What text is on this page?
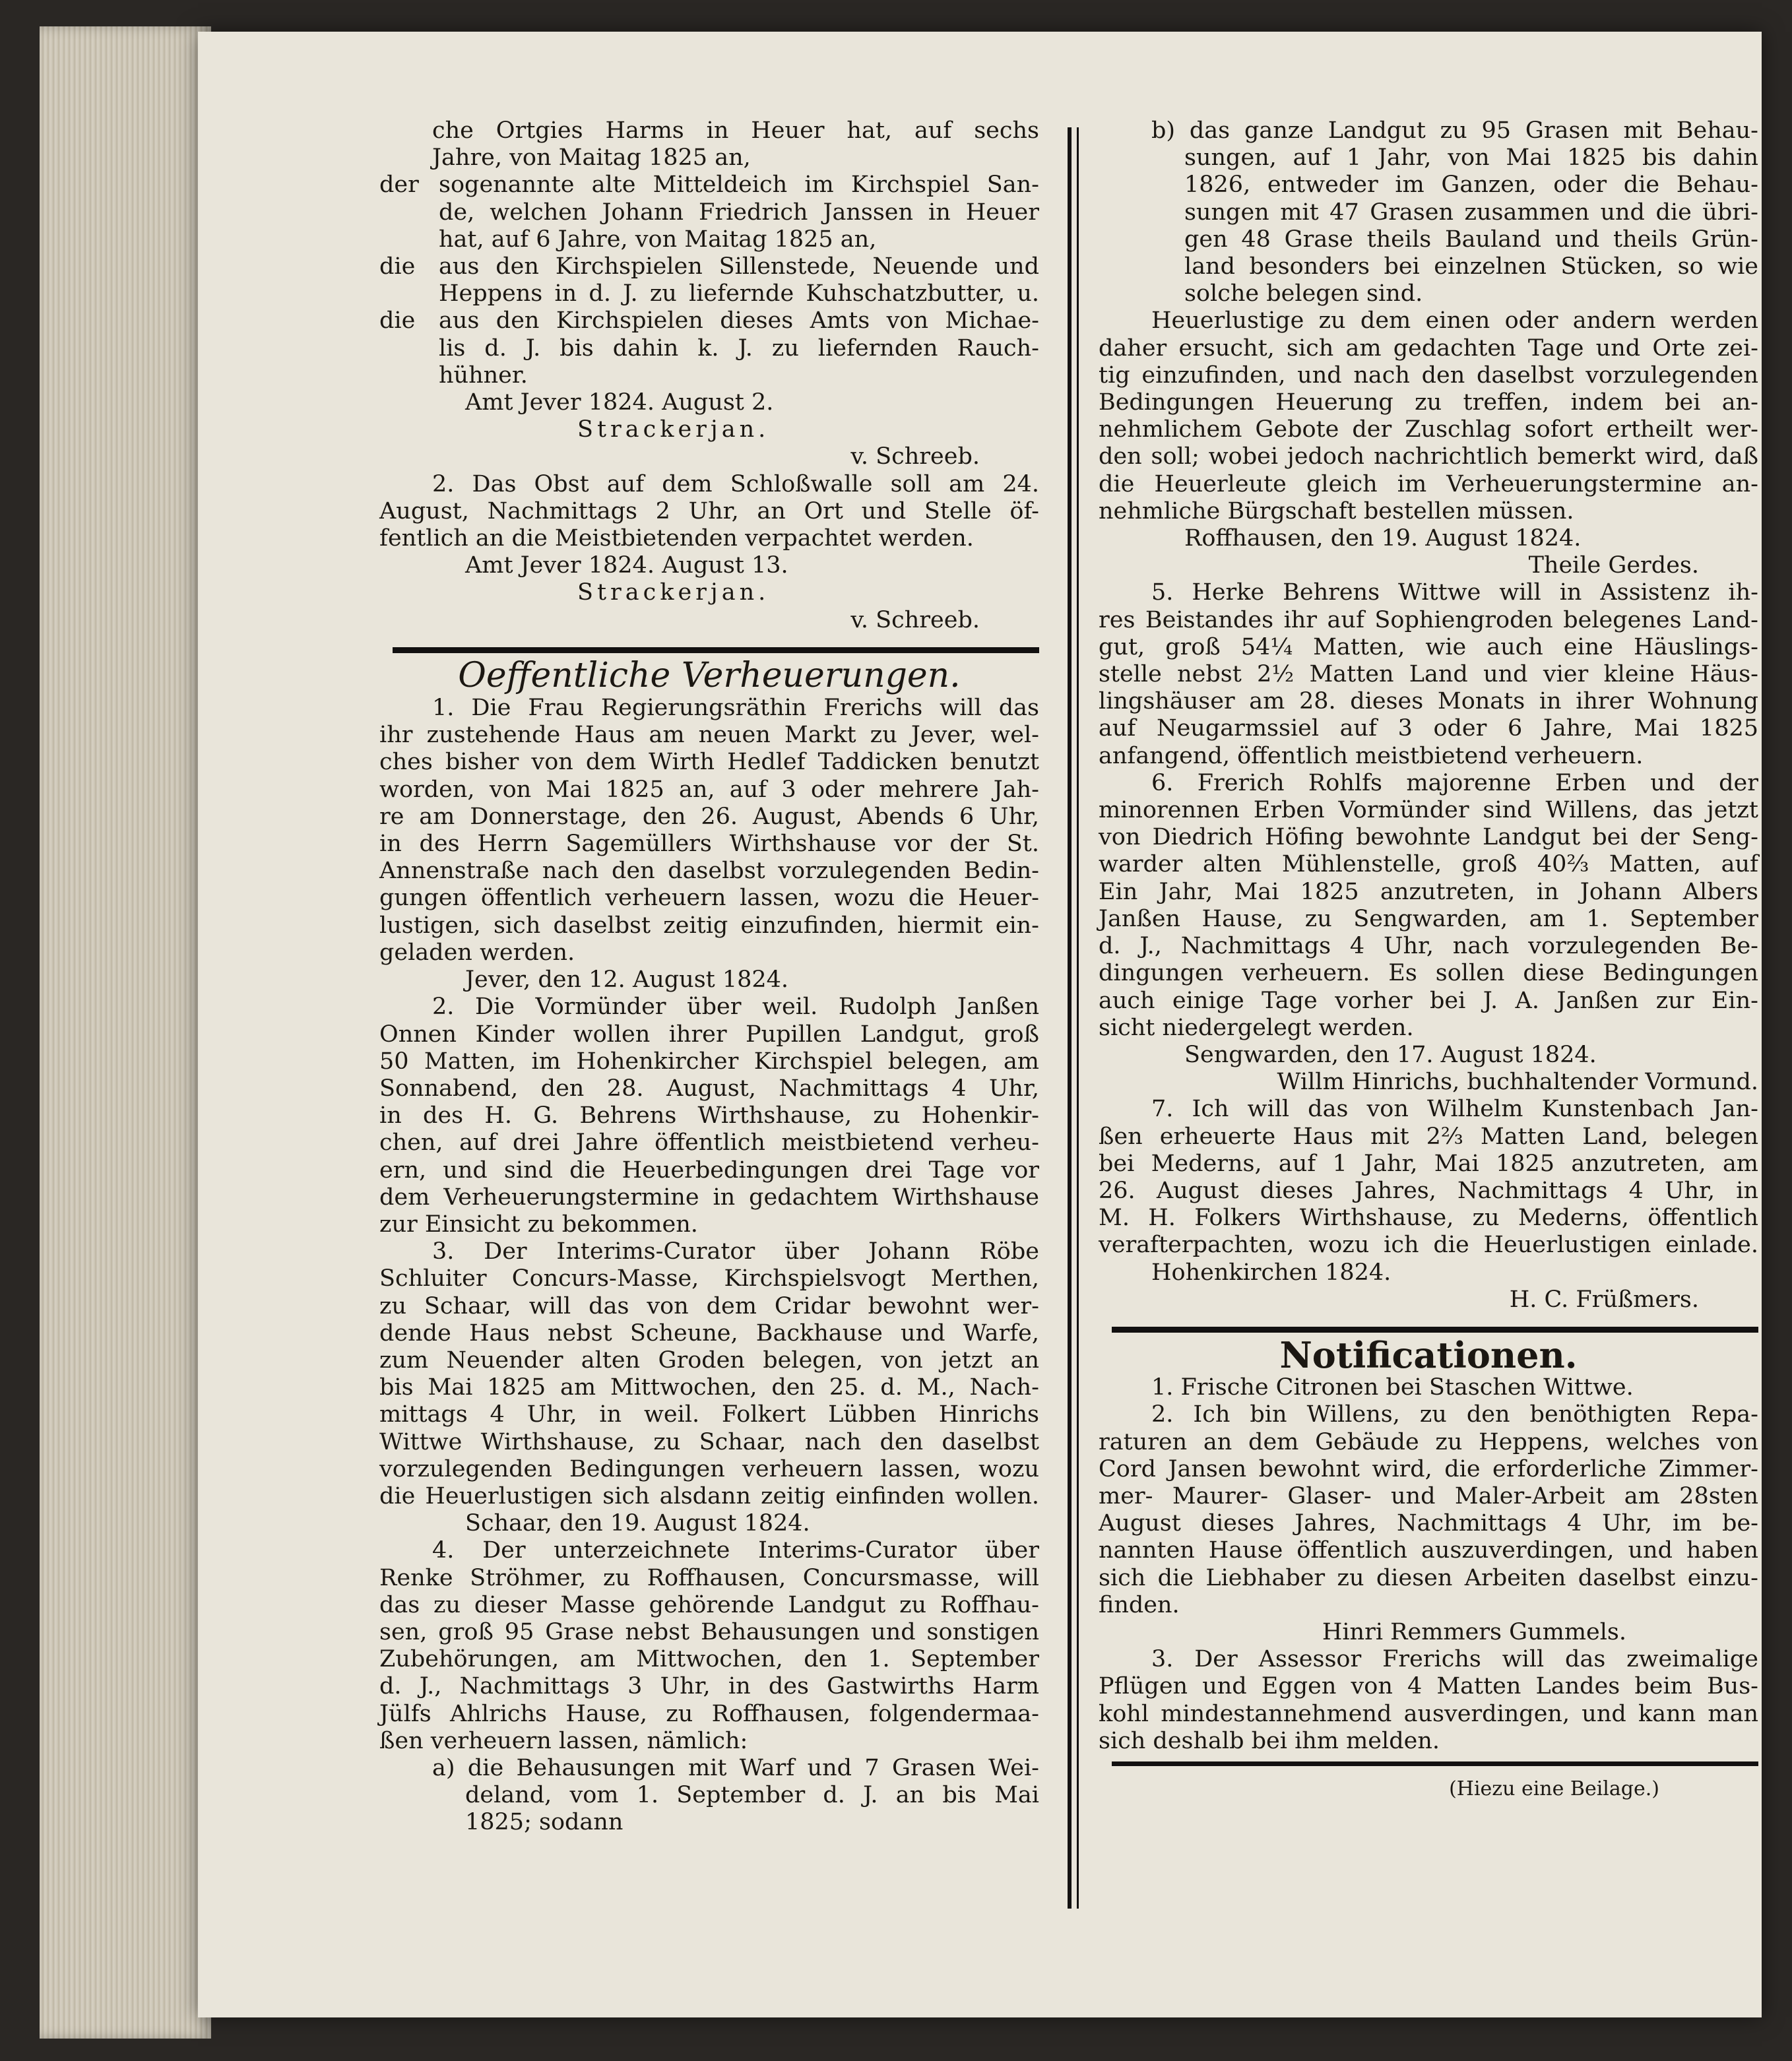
che Ortgies Harms in Heuer hat, auf sechs
Jahre, von Maitag 1825 an,
der sogenannte alte Mitteldeich im Kirchspiel San-
de, welchen Johann Friedrich Janssen in Heuer
hat, auf 6 Jahre, von Maitag 1825 an,
die	aus den Kirchspielen Sillenstede, Neuende und
Heppens in d. J. zu liefernde Kuhschatzbutter, u.
die	aus den Kirchspielen dieses Amts von Michae-
lis d. J. bis dahin k. J. zu liefernden Rauch-
hühner.
Amt Jever 1824. August 2.
Strackerjan.
v. Schreeb.
2. Das Obst auf dem Schloßwalle soll am 24.
August, Nachmittags 2 Uhr, an Ort und Stelle öf-
fentlich an die Meistbietenden verpachtet werden.
Amt Jever 1824. August 13.
Strackerjan.
v. Schreeb.
Oeffentliche Verheuerungen.
1. Die Frau Regierungsräthin Frerichs will das
ihr zustehende Haus am neuen Markt zu Jever, wel-
ches bisher von dem Wirth Hedlef Taddicken benutzt
worden, von Mai 1825 an, auf 3 oder mehrere Jah-
re am Donnerstage, den 26. August, Abends 6 Uhr,
in des Herrn Sagemüllers Wirthshause vor der St.
Annenstraße nach den daselbst vorzulegenden Bedin-
gungen öffentlich verheuern lassen, wozu die Heuer-
lustigen, sich daselbst zeitig einzufinden, hiermit ein-
geladen werden.
Jever, den 12. August 1824.
2. Die Vormünder über weil. Rudolph Janßen
Onnen Kinder wollen ihrer Pupillen Landgut, groß
50 Matten, im Hohenkircher Kirchspiel belegen, am
Sonnabend, den 28. August, Nachmittags 4 Uhr,
in des H. G. Behrens Wirthshause, zu Hohenkir-
chen, auf drei Jahre öffentlich meistbietend verheu-
ern, und sind die Heuerbedingungen drei Tage vor
dem Verheuerungstermine in gedachtem Wirthshause
zur Einsicht zu bekommen.
3. Der Interims-Curator über Johann Röbe
Schluiter Concurs-Masse, Kirchspielsvogt Merthen,
zu Schaar, will das von dem Cridar bewohnt wer-
dende Haus nebst Scheune, Backhause und Warfe,
zum Neuender alten Groden belegen, von jetzt an
bis Mai 1825 am Mittwochen, den 25. d. M., Nach-
mittags 4 Uhr, in weil. Folkert Lübben Hinrichs
Wittwe Wirthshause, zu Schaar, nach den daselbst
vorzulegenden Bedingungen verheuern lassen, wozu
die Heuerlustigen sich alsdann zeitig einfinden wollen.
Schaar, den 19. August 1824.
4. Der unterzeichnete Interims-Curator über
Renke Ströhmer, zu Roffhausen, Concursmasse, will
das zu dieser Masse gehörende Landgut zu Roffhau-
sen, groß 95 Grase nebst Behausungen und sonstigen
Zubehörungen, am Mittwochen, den 1. September
d. J., Nachmittags 3 Uhr, in des Gastwirths Harm
Jülfs Ahlrichs Hause, zu Roffhausen, folgendermaa-
ßen verheuern lassen, nämlich:
a) die Behausungen mit Warf und 7 Grasen Wei-
deland, vom 1. September d. J. an bis Mai
1825; sodann
b) das ganze Landgut zu 95 Grasen mit Behau-
sungen, auf 1 Jahr, von Mai 1825 bis dahin
1826, entweder im Ganzen, oder die Behau-
sungen mit 47 Grasen zusammen und die übri-
gen 48 Grase theils Bauland und theils Grün-
land besonders bei einzelnen Stücken, so wie
solche belegen sind.
Heuerlustige zu dem einen oder andern werden
daher ersucht, sich am gedachten Tage und Orte zei-
tig einzufinden, und nach den daselbst vorzulegenden
Bedingungen Heuerung zu treffen, indem bei an-
nehmlichem Gebote der Zuschlag sofort ertheilt wer-
den soll; wobei jedoch nachrichtlich bemerkt wird, daß
die Heuerleute gleich im Verheuerungstermine an-
nehmliche Bürgschaft bestellen müssen.
Roffhausen, den 19. August 1824.
Theile Gerdes.
5. Herke Behrens Wittwe will in Assistenz ih-
res Beistandes ihr auf Sophiengroden belegenes Land-
gut, groß 54¼ Matten, wie auch eine Häuslings-
stelle nebst 2½ Matten Land und vier kleine Häus-
lingshäuser am 28. dieses Monats in ihrer Wohnung
auf Neugarmssiel auf 3 oder 6 Jahre, Mai 1825
anfangend, öffentlich meistbietend verheuern.
6. Frerich Rohlfs majorenne Erben und der
minorennen Erben Vormünder sind Willens, das jetzt
von Diedrich Höfing bewohnte Landgut bei der Seng-
warder alten Mühlenstelle, groß 40⅔ Matten, auf
Ein Jahr, Mai 1825 anzutreten, in Johann Albers
Janßen Hause, zu Sengwarden, am 1. September
d. J., Nachmittags 4 Uhr, nach vorzulegenden Be-
dingungen verheuern. Es sollen diese Bedingungen
auch einige Tage vorher bei J. A. Janßen zur Ein-
sicht niedergelegt werden.
Sengwarden, den 17. August 1824.
Willm Hinrichs, buchhaltender Vormund.
7. Ich will das von Wilhelm Kunstenbach Jan-
ßen erheuerte Haus mit 2⅔ Matten Land, belegen
bei Mederns, auf 1 Jahr, Mai 1825 anzutreten, am
26. August dieses Jahres, Nachmittags 4 Uhr, in
M. H. Folkers Wirthshause, zu Mederns, öffentlich
verafterpachten, wozu ich die Heuerlustigen einlade.
Hohenkirchen 1824.
H. C. Früßmers.
Notificationen.
1. Frische Citronen bei Staschen Wittwe.
2. Ich bin Willens, zu den benöthigten Repa-
raturen an dem Gebäude zu Heppens, welches von
Cord Jansen bewohnt wird, die erforderliche Zimmer-
mer- Maurer- Glaser- und Maler-Arbeit am 28sten
August dieses Jahres, Nachmittags 4 Uhr, im be-
nannten Hause öffentlich auszuverdingen, und haben
sich die Liebhaber zu diesen Arbeiten daselbst einzu-
finden.
Hinri Remmers Gummels.
3. Der Assessor Frerichs will das zweimalige
Pflügen und Eggen von 4 Matten Landes beim Bus-
kohl mindestannehmend ausverdingen, und kann man
sich deshalb bei ihm melden.
(Hiezu eine Beilage.)
